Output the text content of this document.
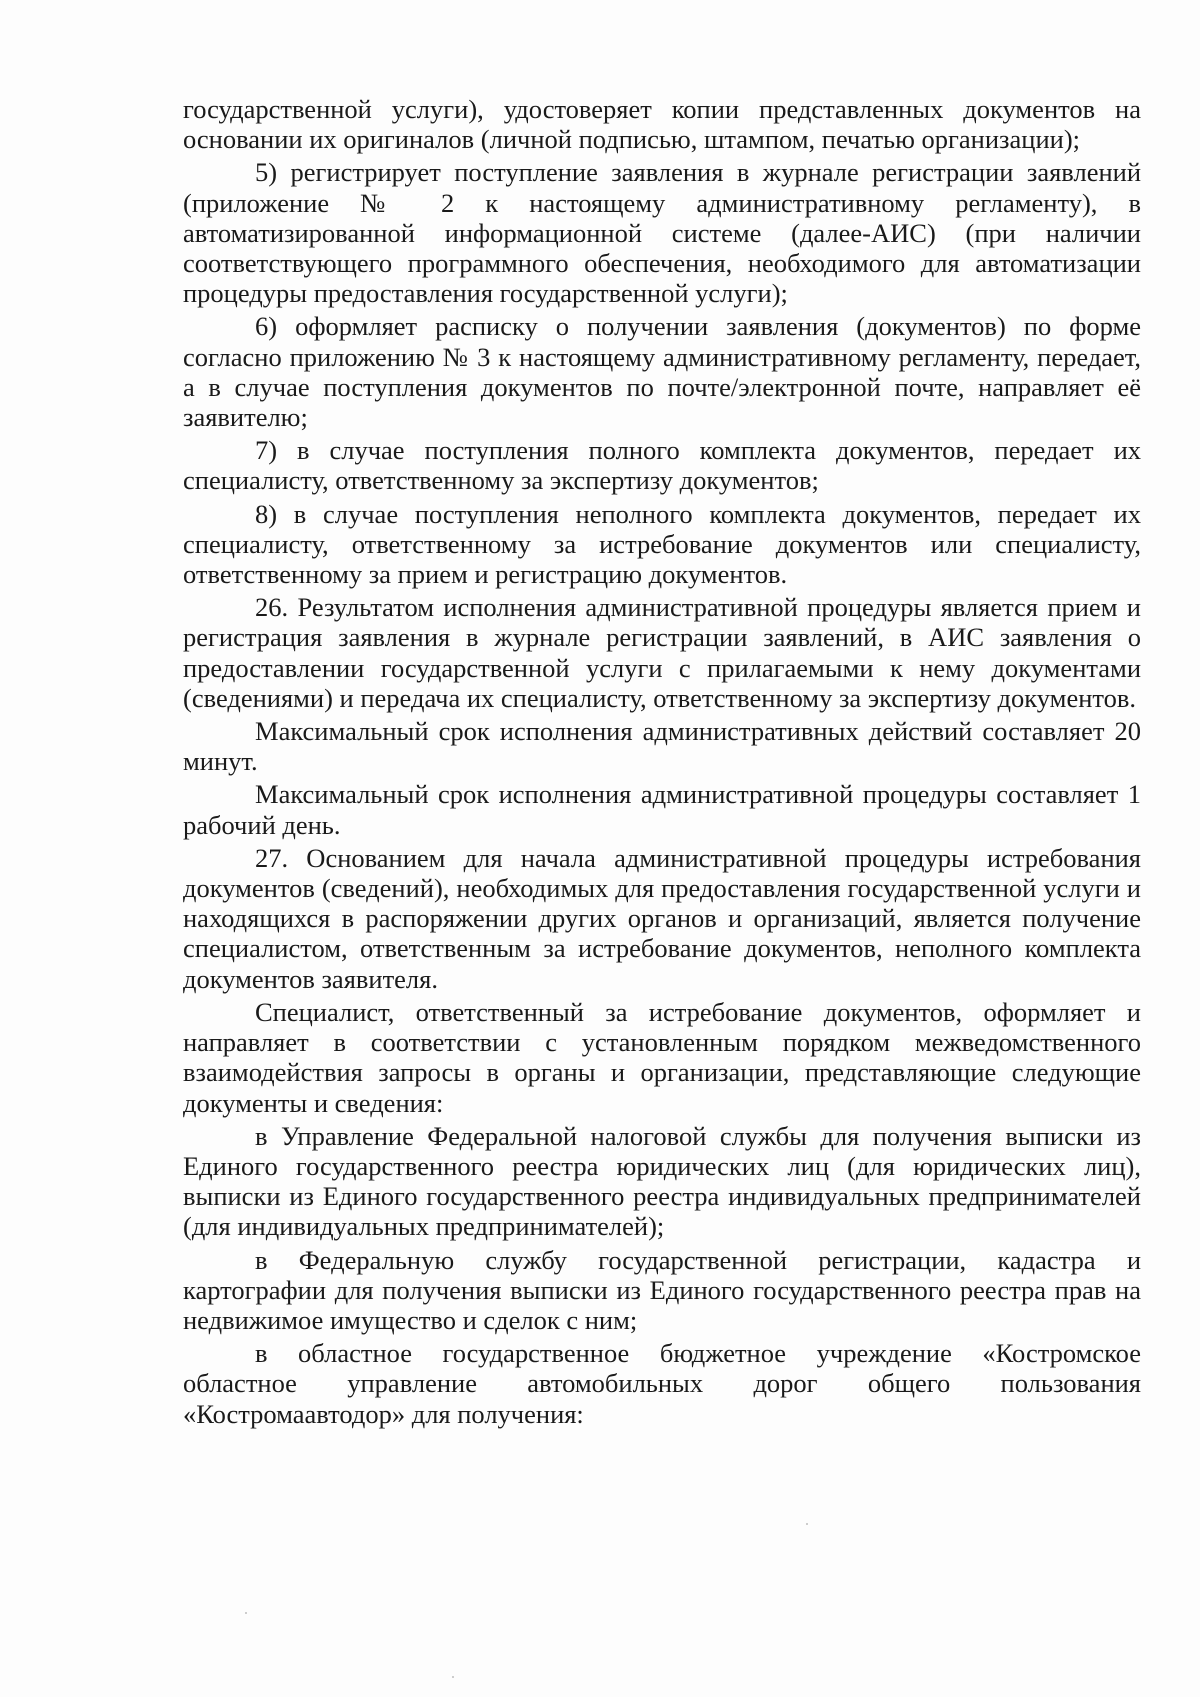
государственной услуги), удостоверяет копии представленных документов на основании их оригиналов (личной подписью, штампом, печатью организации);

5) регистрирует поступление заявления в журнале регистрации заявлений (приложение № 2 к настоящему административному регламенту), в автоматизированной информационной системе (далее-АИС) (при наличии соответствующего программного обеспечения, необходимого для автоматизации процедуры предоставления государственной услуги);

6) оформляет расписку о получении заявления (документов) по форме согласно приложению № 3 к настоящему административному регламенту, передает, а в случае поступления документов по почте/электронной почте, направляет её заявителю;

7) в случае поступления полного комплекта документов, передает их специалисту, ответственному за экспертизу документов;

8) в случае поступления неполного комплекта документов, передает их специалисту, ответственному за истребование документов или специалисту, ответственному за прием и регистрацию документов.

26. Результатом исполнения административной процедуры является прием и регистрация заявления в журнале регистрации заявлений, в АИС заявления о предоставлении государственной услуги с прилагаемыми к нему документами (сведениями) и передача их специалисту, ответственному за экспертизу документов.

Максимальный срок исполнения административных действий составляет 20 минут.

Максимальный срок исполнения административной процедуры составляет 1 рабочий день.

27. Основанием для начала административной процедуры истребования документов (сведений), необходимых для предоставления государственной услуги и находящихся в распоряжении других органов и организаций, является получение специалистом, ответственным за истребование документов, неполного комплекта документов заявителя.

Специалист, ответственный за истребование документов, оформляет и направляет в соответствии с установленным порядком межведомственного взаимодействия запросы в органы и организации, представляющие следующие документы и сведения:

в Управление Федеральной налоговой службы для получения выписки из Единого государственного реестра юридических лиц (для юридических лиц), выписки из Единого государственного реестра индивидуальных предпринимателей (для индивидуальных предпринимателей);

в Федеральную службу государственной регистрации, кадастра и картографии для получения выписки из Единого государственного реестра прав на недвижимое имущество и сделок с ним;

в областное государственное бюджетное учреждение «Костромское областное управление автомобильных дорог общего пользования «Костромаавтодор» для получения:
